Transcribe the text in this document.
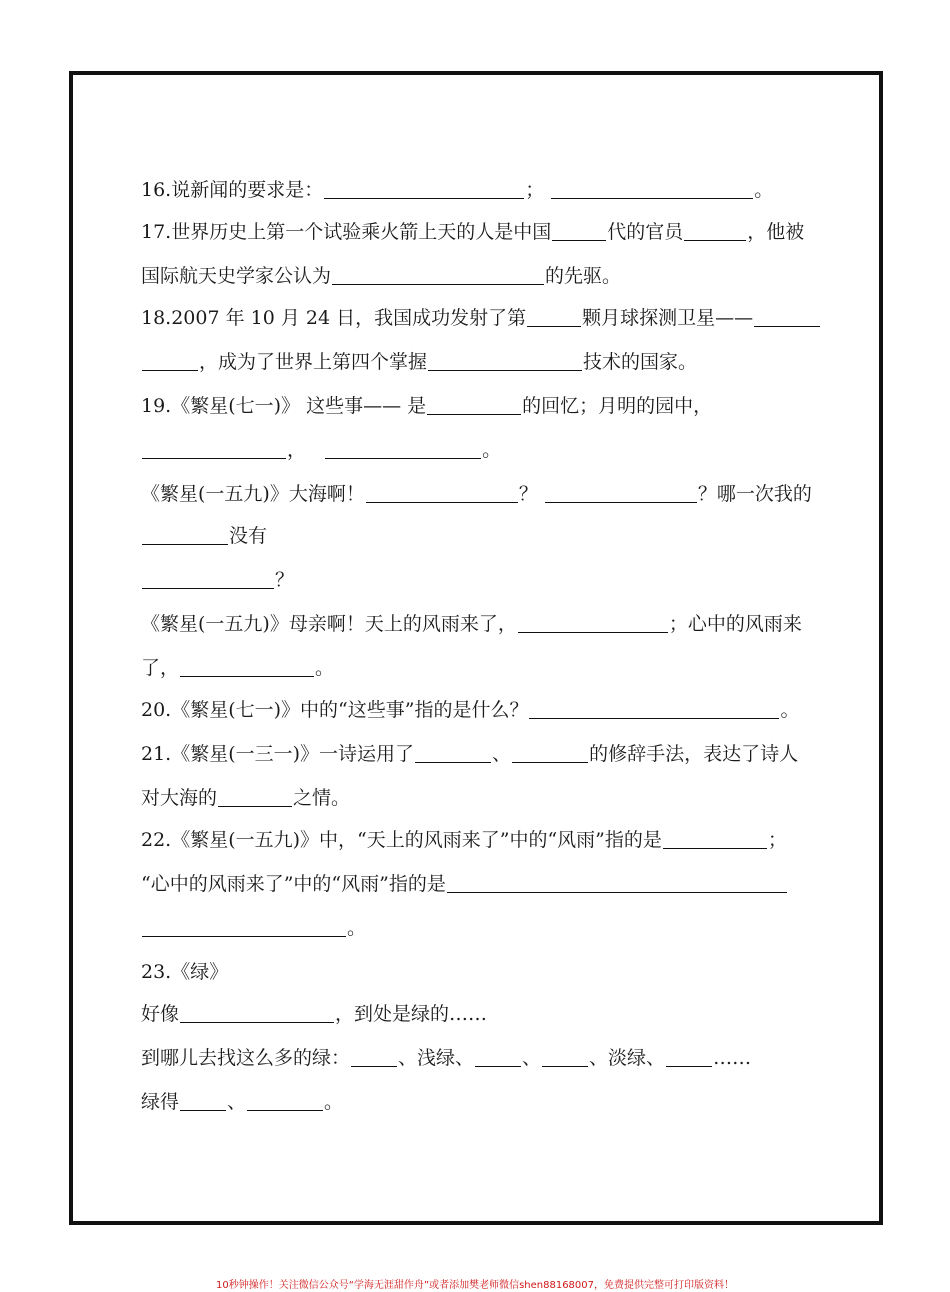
16.说新闻的要求是：	；	。
17.世界历史上第一个试验乘火箭上天的人是中国	代的官员	，他被
国际航天史学家公认为	的先驱。
18.2007 年 10 月 24 日，我国成功发射了第	颗月球探测卫星——
，成为了世界上第四个掌握	技术的国家。
19.《繁星(七一)》 这些事—— 是	的回忆；月明的园中，
，	。
《繁星(一五九)》大海啊！	？	？哪一次我的
没有
？
《繁星(一五九)》母亲啊！天上的风雨来了，	；心中的风雨来
了，	。
20.《繁星(七一)》中的“这些事”指的是什么？	。
21.《繁星(一三一)》一诗运用了	、	的修辞手法，表达了诗人
对大海的	之情。
22.《繁星(一五九)》中，“天上的风雨来了”中的“风雨”指的是	；
“心中的风雨来了”中的“风雨”指的是
。
23.《绿》
好像	，到处是绿的……
到哪儿去找这么多的绿：	、浅绿、	、	、淡绿、	……
绿得	、	。
10秒钟操作！关注微信公众号“学海无涯甜作舟”或者添加樊老师微信shen88168007，免费提供完整可打印版资料！
